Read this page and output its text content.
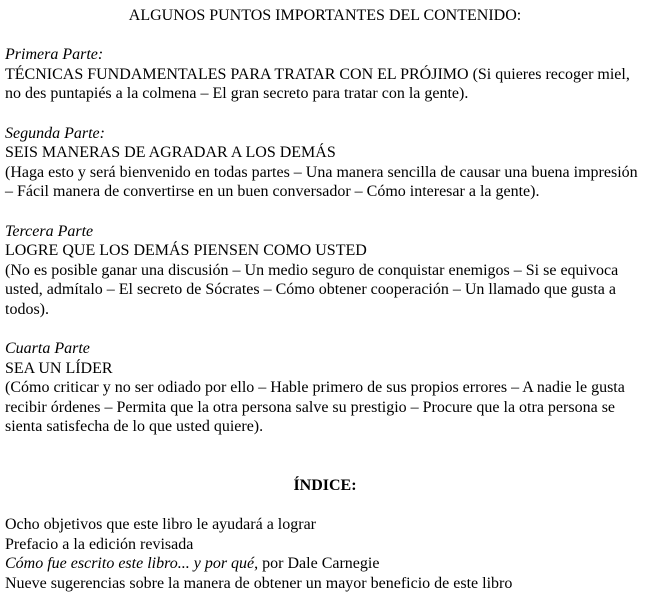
ALGUNOS PUNTOS IMPORTANTES DEL CONTENIDO:

Primera Parte:

TÉCNICAS FUNDAMENTALES PARA TRATAR CON EL PRÓJIMO (Si quieres recoger miel, no des puntapiés a la colmena – El gran secreto para tratar con la gente).

Segunda Parte:
SEIS MANERAS DE AGRADAR A LOS DEMÁS

(Haga esto y será bienvenido en todas partes – Una manera sencilla de causar una buena impresión – Fácil manera de convertirse en un buen conversador – Cómo interesar a la gente).

Tercera Parte
LOGRE QUE LOS DEMÁS PIENSEN COMO USTED

(No es posible ganar una discusión – Un medio seguro de conquistar enemigos – Si se equivoca usted, admítalo – El secreto de Sócrates – Cómo obtener cooperación – Un llamado que gusta a todos).

Cuarta Parte
SEA UN LÍDER

(Cómo criticar y no ser odiado por ello – Hable primero de sus propios errores – A nadie le gusta recibir órdenes – Permita que la otra persona salve su prestigio – Procure que la otra persona se sienta satisfecha de lo que usted quiere).

ÍNDICE:

Ocho objetivos que este libro le ayudará a lograr
Prefacio a la edición revisada
Cómo fue escrito este libro... y por qué, por Dale Carnegie
Nueve sugerencias sobre la manera de obtener un mayor beneficio de este libro
